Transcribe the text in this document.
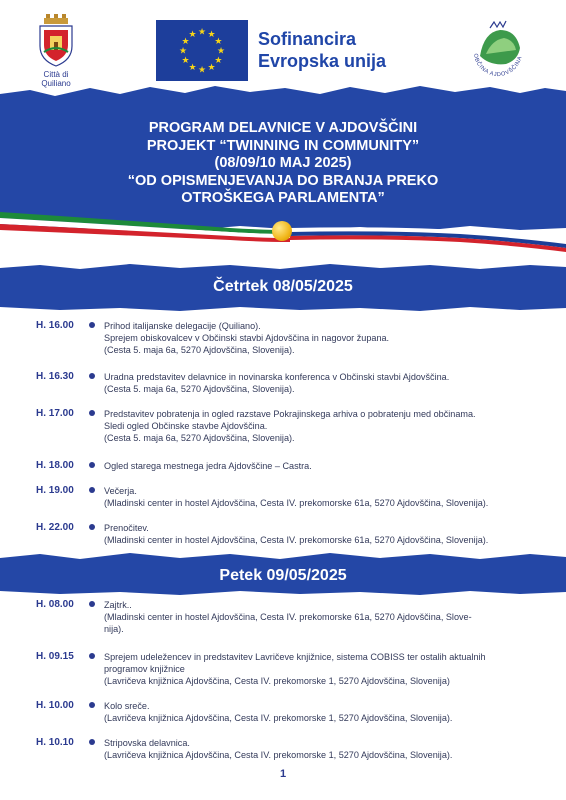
Città di
Quiliano
★ ★
★
★
★
★
★
★
★
★
★
★	Sofinancira
Evropska unija	OBČINA AJDOVŠČINA
PROGRAM DELAVNICE V AJDOVŠČINI
PROJEKT “TWINNING IN COMMUNITY”
(08/09/10 MAJ 2025)
“OD OPISMENJEVANJA DO BRANJA PREKO
OTROŠKEGA PARLAMENTA”
Četrtek 08/05/2025
H. 16.00	Prihod italijanske delegacije (Quiliano).
Sprejem obiskovalcev v Občinski stavbi Ajdovščina in nagovor župana.
(Cesta 5. maja 6a, 5270 Ajdovščina, Slovenija).
H. 16.30	Uradna predstavitev delavnice in novinarska konferenca v Občinski stavbi Ajdovščina.
(Cesta 5. maja 6a, 5270 Ajdovščina, Slovenija).
H. 17.00	Predstavitev pobratenja in ogled razstave Pokrajinskega arhiva o pobratenju med občinama.
Sledi ogled Občinske stavbe Ajdovščina.
(Cesta 5. maja 6a, 5270 Ajdovščina, Slovenija).
H. 18.00	Ogled starega mestnega jedra Ajdovščine – Castra.
H. 19.00	Večerja.
(Mladinski center in hostel Ajdovščina, Cesta IV. prekomorske 61a, 5270 Ajdovščina, Slovenija).
H. 22.00	Prenočitev.
(Mladinski center in hostel Ajdovščina, Cesta IV. prekomorske 61a, 5270 Ajdovščina, Slovenija).
Petek 09/05/2025
H. 08.00	Zajtrk..
(Mladinski center in hostel Ajdovščina, Cesta IV. prekomorske 61a, 5270 Ajdovščina, Slove-
nija).
H. 09.15	Sprejem udeležencev in predstavitev Lavričeve knjižnice, sistema COBISS ter ostalih aktualnih
programov knjižnice
(Lavričeva knjižnica Ajdovščina, Cesta IV. prekomorske 1, 5270 Ajdovščina, Slovenija)
H. 10.00	Kolo sreče.
(Lavričeva knjižnica Ajdovščina, Cesta IV. prekomorske 1, 5270 Ajdovščina, Slovenija).
H. 10.10	Stripovska delavnica.
(Lavričeva knjižnica Ajdovščina, Cesta IV. prekomorske 1, 5270 Ajdovščina, Slovenija).
1
